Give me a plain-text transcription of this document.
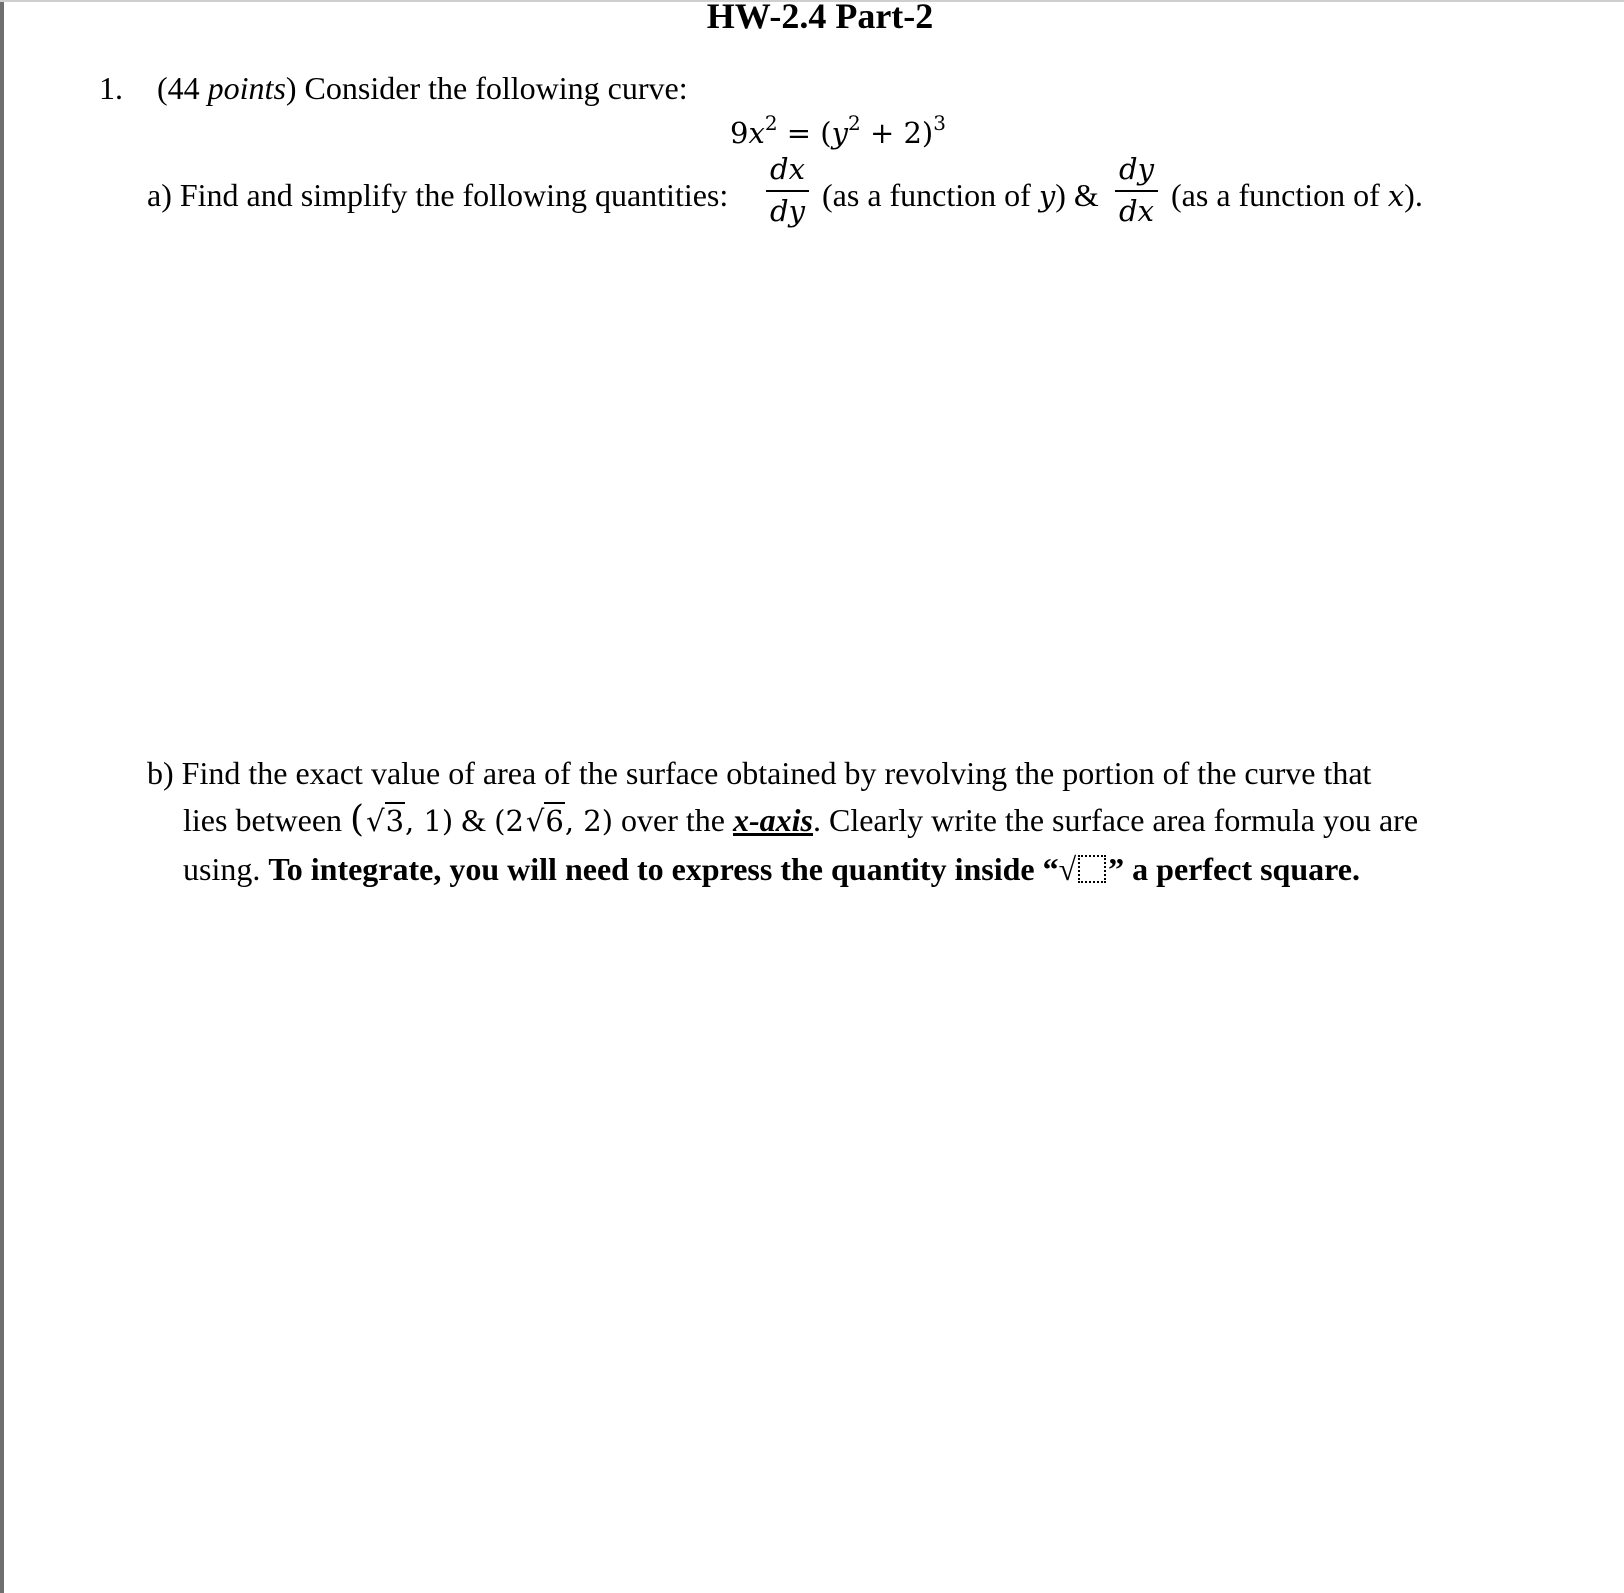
HW-2.4 Part-2
1. (44 points) Consider the following curve:
$9x^2 = (y^2 + 2)^3$
a) Find and simplify the following quantities:
dx
dy (as a function of y) &
dy
dx (as a function of x).
b) Find the exact value of area of the surface obtained by revolving the portion of the curve that
lies between (√3, 1) & (2√6, 2) over the x-axis. Clearly write the surface area formula you are
using. To integrate, you will need to express the quantity inside “√ ” a perfect square.
